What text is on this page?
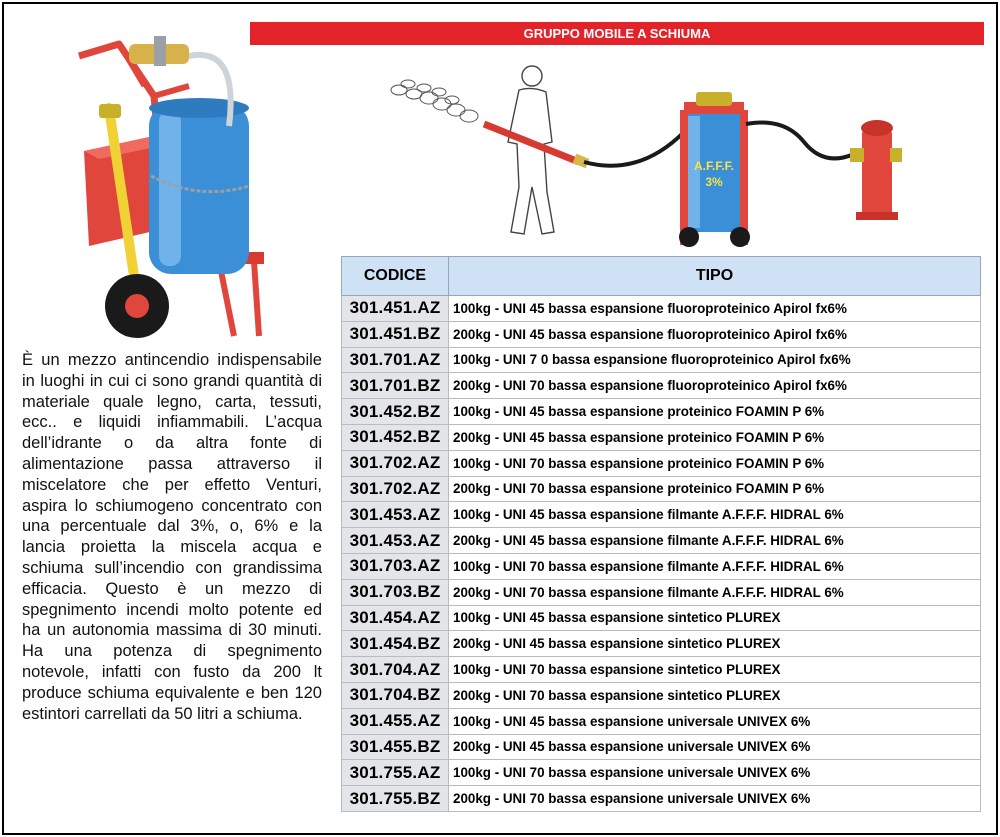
GRUPPO MOBILE A SCHIUMA
A.F.F.F.
3%
È un mezzo antincendio indispensabile in luoghi in cui ci sono grandi quantità di materiale quale legno, carta, tessuti, ecc.. e liquidi infiammabili. L’acqua dell’idrante o da altra fonte di alimentazione passa attraverso il miscelatore che per effetto Venturi, aspira lo schiumogeno concentrato con una percentuale dal 3%, o, 6% e la lancia proietta la miscela acqua e schiuma sull’incendio con grandissima efficacia. Questo è un mezzo di spegnimento incendi molto potente ed ha un autonomia massima di 30 minuti. Ha una potenza di spegnimento notevole, infatti con fusto da 200 lt produce schiuma equivalente e ben 120 estintori carrellati da 50 litri a schiuma.
CODICE	TIPO
301.451.AZ	100kg - UNI 45 bassa espansione fluoroproteinico Apirol fx6%
301.451.BZ	200kg - UNI 45 bassa espansione fluoroproteinico Apirol fx6%
301.701.AZ	100kg - UNI 7 0 bassa espansione fluoroproteinico Apirol fx6%
301.701.BZ	200kg - UNI 70 bassa espansione fluoroproteinico Apirol fx6%
301.452.BZ	100kg - UNI 45 bassa espansione proteinico FOAMIN P 6%
301.452.BZ	200kg - UNI 45 bassa espansione proteinico FOAMIN P 6%
301.702.AZ	100kg - UNI 70 bassa espansione proteinico FOAMIN P 6%
301.702.AZ	200kg - UNI 70 bassa espansione proteinico FOAMIN P 6%
301.453.AZ	100kg - UNI 45 bassa espansione filmante A.F.F.F. HIDRAL 6%
301.453.AZ	200kg - UNI 45 bassa espansione filmante A.F.F.F. HIDRAL 6%
301.703.AZ	100kg - UNI 70 bassa espansione filmante A.F.F.F. HIDRAL 6%
301.703.BZ	200kg - UNI 70 bassa espansione filmante A.F.F.F. HIDRAL 6%
301.454.AZ	100kg - UNI 45 bassa espansione sintetico PLUREX
301.454.BZ	200kg - UNI 45 bassa espansione sintetico PLUREX
301.704.AZ	100kg - UNI 70 bassa espansione sintetico PLUREX
301.704.BZ	200kg - UNI 70 bassa espansione sintetico PLUREX
301.455.AZ	100kg - UNI 45 bassa espansione universale UNIVEX 6%
301.455.BZ	200kg - UNI 45 bassa espansione universale UNIVEX 6%
301.755.AZ	100kg - UNI 70 bassa espansione universale UNIVEX 6%
301.755.BZ	200kg - UNI 70 bassa espansione universale UNIVEX 6%
